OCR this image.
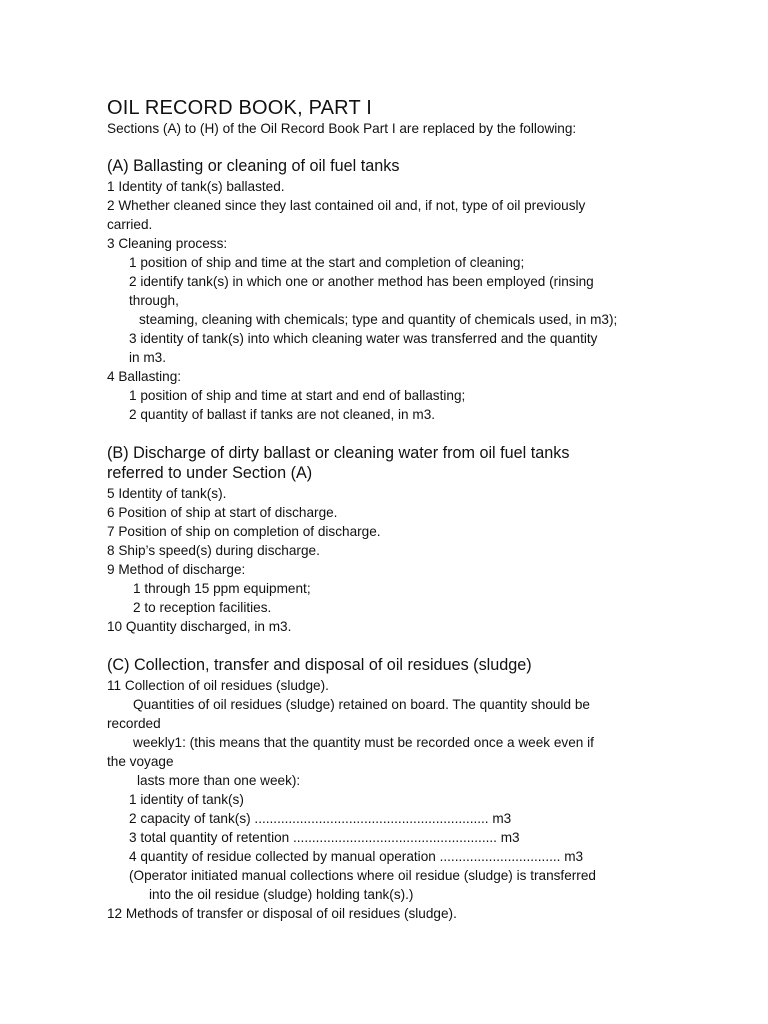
OIL RECORD BOOK, PART I
Sections (A) to (H) of the Oil Record Book Part I are replaced by the following:
(A) Ballasting or cleaning of oil fuel tanks
1 Identity of tank(s) ballasted.
2 Whether cleaned since they last contained oil and, if not, type of oil previously
carried.
3 Cleaning process:
1 position of ship and time at the start and completion of cleaning;
2 identify tank(s) in which one or another method has been employed (rinsing
through,
steaming, cleaning with chemicals; type and quantity of chemicals used, in m3);
3 identity of tank(s) into which cleaning water was transferred and the quantity
in m3.
4 Ballasting:
1 position of ship and time at start and end of ballasting;
2 quantity of ballast if tanks are not cleaned, in m3.
(B) Discharge of dirty ballast or cleaning water from oil fuel tanks
referred to under Section (A)
5 Identity of tank(s).
6 Position of ship at start of discharge.
7 Position of ship on completion of discharge.
8 Ship’s speed(s) during discharge.
9 Method of discharge:
1 through 15 ppm equipment;
2 to reception facilities.
10 Quantity discharged, in m3.
(C) Collection, transfer and disposal of oil residues (sludge)
11 Collection of oil residues (sludge).
Quantities of oil residues (sludge) retained on board. The quantity should be
recorded
weekly1: (this means that the quantity must be recorded once a week even if
the voyage
lasts more than one week):
1 identity of tank(s)
2 capacity of tank(s) .............................................................. m3
3 total quantity of retention ...................................................... m3
4 quantity of residue collected by manual operation ................................ m3
(Operator initiated manual collections where oil residue (sludge) is transferred
into the oil residue (sludge) holding tank(s).)
12 Methods of transfer or disposal of oil residues (sludge).
